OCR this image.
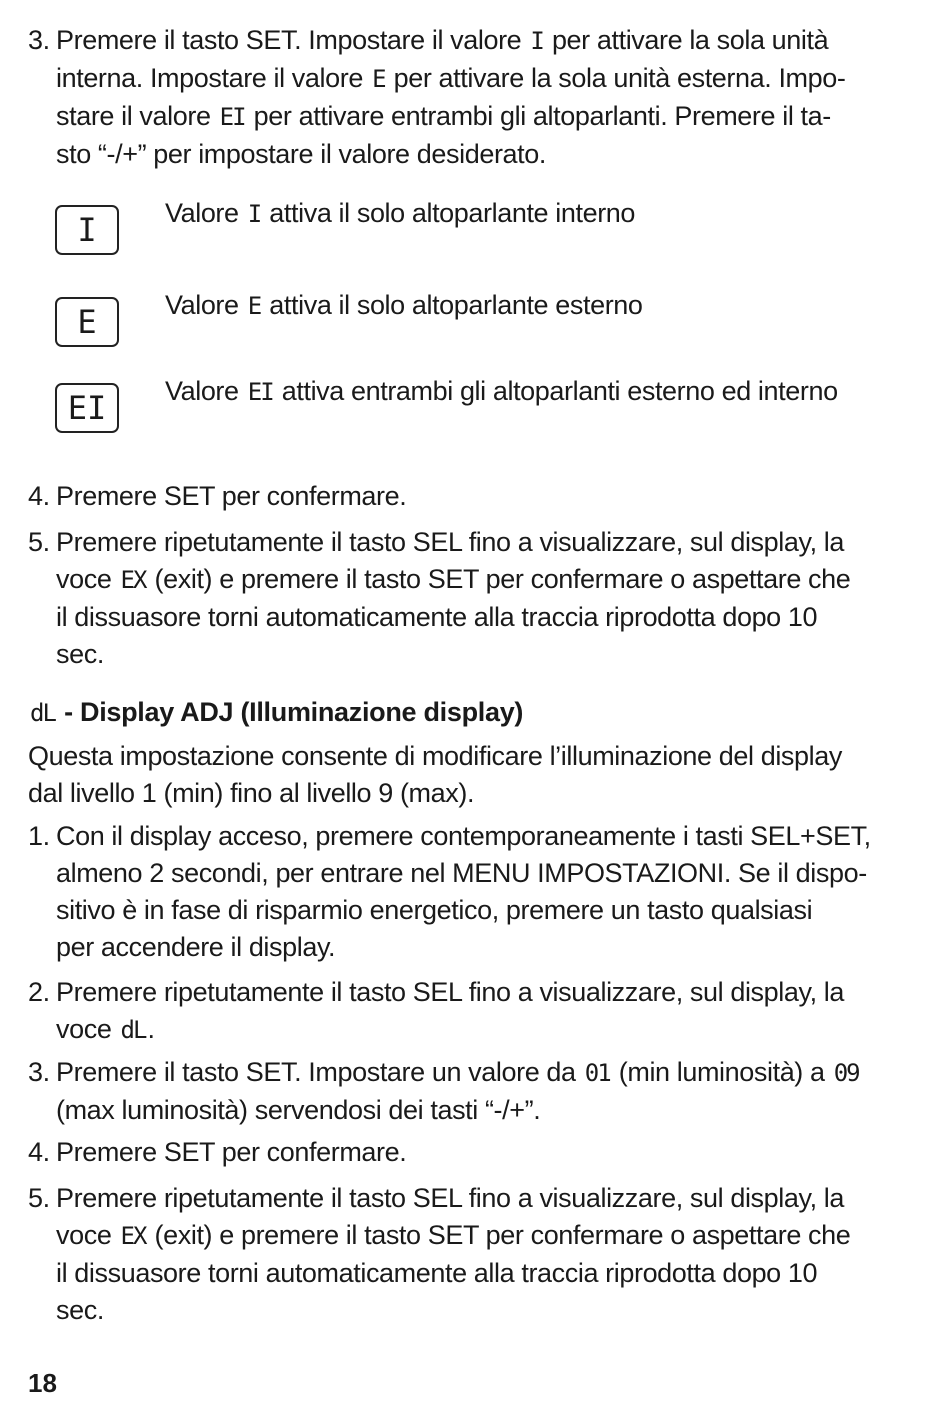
3. Premere il tasto SET. Impostare il valore I per attivare la sola unità
interna. Impostare il valore E per attivare la sola unità esterna. Impo-
stare il valore EI per attivare entrambi gli altoparlanti. Premere il ta-
sto “-/+” per impostare il valore desiderato.
I	Valore I attiva il solo altoparlante interno
E	Valore E attiva il solo altoparlante esterno
EI	Valore EI attiva entrambi gli altoparlanti esterno ed interno
4. Premere SET per confermare.
5. Premere ripetutamente il tasto SEL fino a visualizzare, sul display, la
voce EX (exit) e premere il tasto SET per confermare o aspettare che
il dissuasore torni automaticamente alla traccia riprodotta dopo 10
sec.
dL - Display ADJ (Illuminazione display)
Questa impostazione consente di modificare l’illuminazione del display
dal livello 1 (min) fino al livello 9 (max).
1. Con il display acceso, premere contemporaneamente i tasti SEL+SET,
almeno 2 secondi, per entrare nel MENU IMPOSTAZIONI. Se il dispo-
sitivo è in fase di risparmio energetico, premere un tasto qualsiasi
per accendere il display.
2. Premere ripetutamente il tasto SEL fino a visualizzare, sul display, la
voce dL.
3. Premere il tasto SET. Impostare un valore da 01 (min luminosità) a 09
(max luminosità) servendosi dei tasti “-/+”.
4. Premere SET per confermare.
5. Premere ripetutamente il tasto SEL fino a visualizzare, sul display, la
voce EX (exit) e premere il tasto SET per confermare o aspettare che
il dissuasore torni automaticamente alla traccia riprodotta dopo 10
sec.
18
